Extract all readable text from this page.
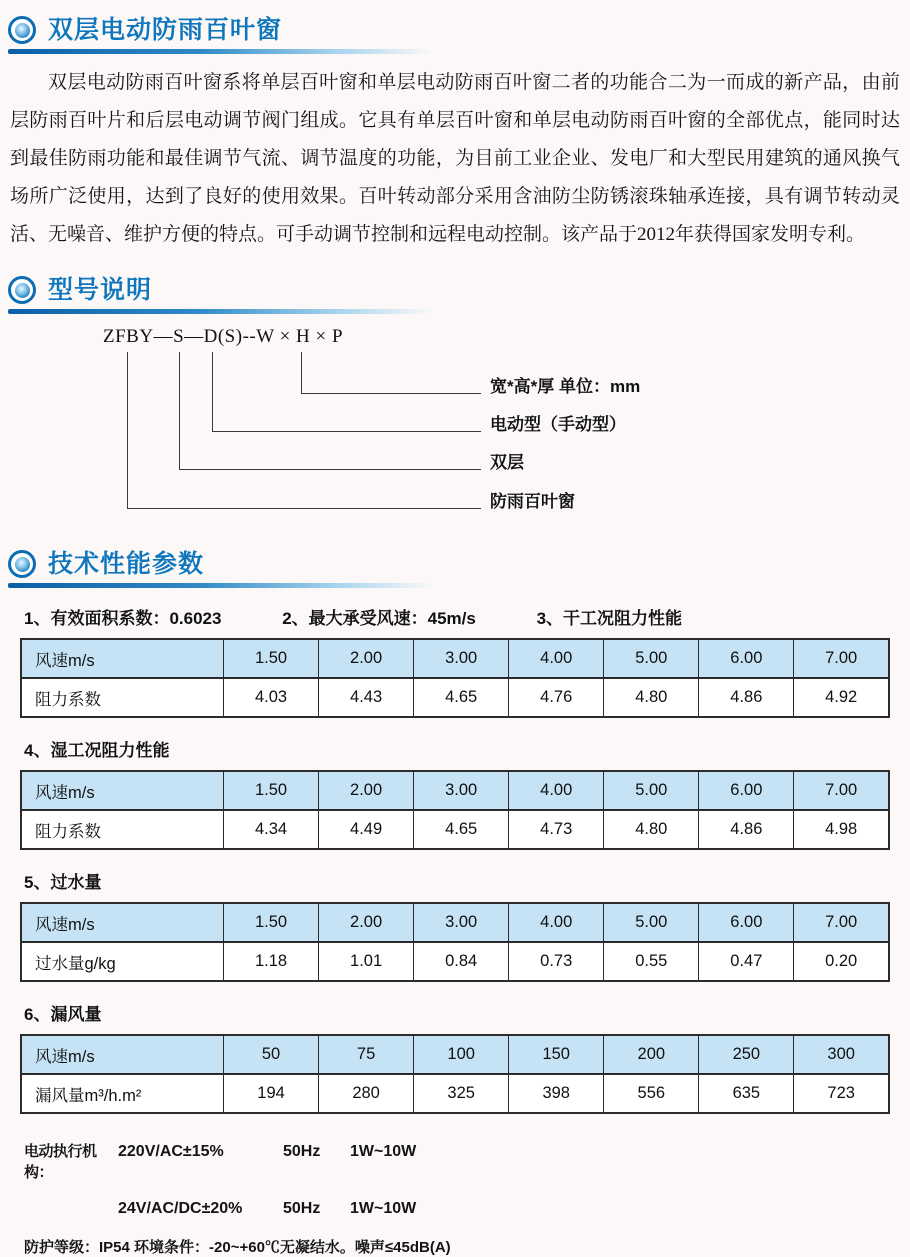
双层电动防雨百叶窗

双层电动防雨百叶窗系将单层百叶窗和单层电动防雨百叶窗二者的功能合二为一而成的新产品，由前层防雨百叶片和后层电动调节阀门组成。它具有单层百叶窗和单层电动防雨百叶窗的全部优点，能同时达到最佳防雨功能和最佳调节气流、调节温度的功能，为目前工业企业、发电厂和大型民用建筑的通风换气场所广泛使用，达到了良好的使用效果。百叶转动部分采用含油防尘防锈滚珠轴承连接，具有调节转动灵活、无噪音、维护方便的特点。可手动调节控制和远程电动控制。该产品于2012年获得国家发明专利。

型号说明
ZFBY—S—D(S)--W × H × P
防雨百叶窗
双层
电动型（手动型）
宽*高*厚 单位：mm
技术性能参数
1、有效面积系数：0.6023	2、最大承受风速：45m/s	3、干工况阻力性能
风速m/s	1.50	2.00	3.00	4.00	5.00	6.00	7.00
阻力系数	4.03	4.43	4.65	4.76	4.80	4.86	4.92
4、湿工况阻力性能
风速m/s	1.50	2.00	3.00	4.00	5.00	6.00	7.00
阻力系数	4.34	4.49	4.65	4.73	4.80	4.86	4.98
5、过水量
风速m/s	1.50	2.00	3.00	4.00	5.00	6.00	7.00
过水量g/kg	1.18	1.01	0.84	0.73	0.55	0.47	0.20
6、漏风量
风速m/s	50	75	100	150	200	250	300
漏风量m³/h.m²	194	280	325	398	556	635	723
电动执行机构：
220V/AC±15%	50Hz	1W~10W
24V/AC/DC±20%	50Hz	1W~10W
防护等级：IP54 环境条件：-20~+60℃无凝结水。噪声≤45dB(A)
